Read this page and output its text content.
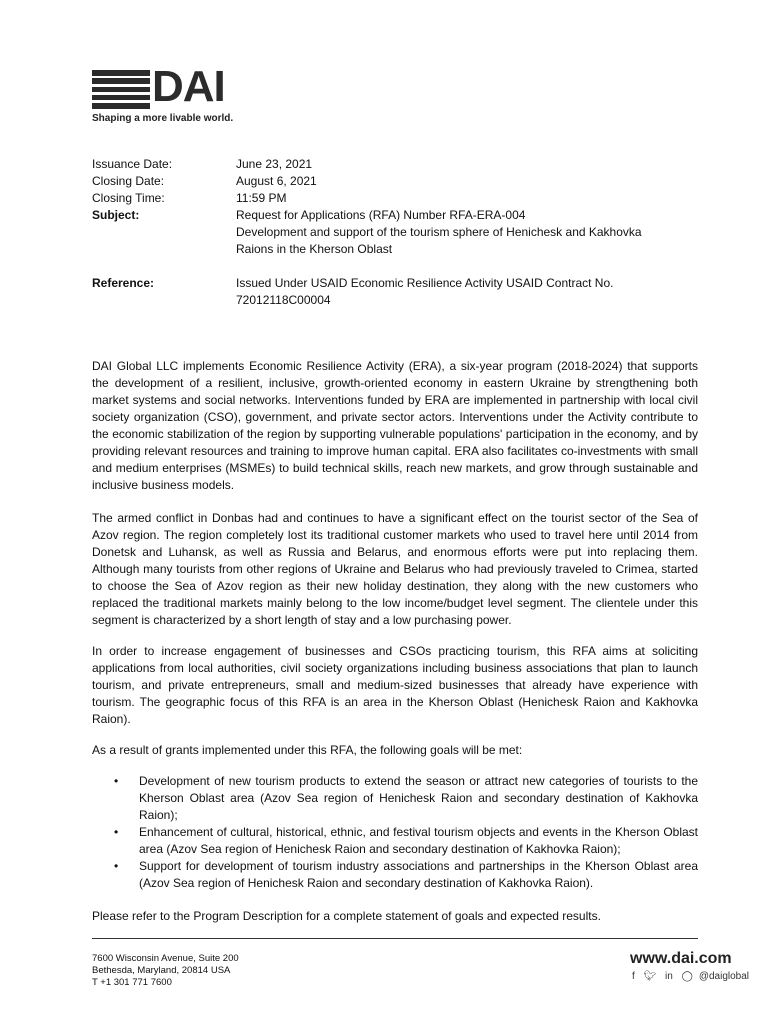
DAI
Shaping a more livable world.
Issuance Date:	June 23, 2021
Closing Date:	August 6, 2021
Closing Time:	11:59 PM
Subject:	Request for Applications (RFA) Number RFA-ERA-004
Development and support of the tourism sphere of Henichesk and Kakhovka
Raions in the Kherson Oblast
Reference:	Issued Under USAID Economic Resilience Activity USAID Contract No.
72012118C00004

DAI Global LLC implements Economic Resilience Activity (ERA), a six-year program (2018-2024) that supports the development of a resilient, inclusive, growth-oriented economy in eastern Ukraine by strengthening both market systems and social networks. Interventions funded by ERA are implemented in partnership with local civil society organization (CSO), government, and private sector actors. Interventions under the Activity contribute to the economic stabilization of the region by supporting vulnerable populations' participation in the economy, and by providing relevant resources and training to improve human capital. ERA also facilitates co-investments with small and medium enterprises (MSMEs) to build technical skills, reach new markets, and grow through sustainable and inclusive business models.

The armed conflict in Donbas had and continues to have a significant effect on the tourist sector of the Sea of Azov region. The region completely lost its traditional customer markets who used to travel here until 2014 from Donetsk and Luhansk, as well as Russia and Belarus, and enormous efforts were put into replacing them. Although many tourists from other regions of Ukraine and Belarus who had previously traveled to Crimea, started to choose the Sea of Azov region as their new holiday destination, they along with the new customers who replaced the traditional markets mainly belong to the low income/budget level segment. The clientele under this segment is characterized by a short length of stay and a low purchasing power.

In order to increase engagement of businesses and CSOs practicing tourism, this RFA aims at soliciting applications from local authorities, civil society organizations including business associations that plan to launch tourism, and private entrepreneurs, small and medium-sized businesses that already have experience with tourism. The geographic focus of this RFA is an area in the Kherson Oblast (Henichesk Raion and Kakhovka Raion).

As a result of grants implemented under this RFA, the following goals will be met:

• Development of new tourism products to extend the season or attract new categories of tourists to the Kherson Oblast area (Azov Sea region of Henichesk Raion and secondary destination of Kakhovka Raion);
• Enhancement of cultural, historical, ethnic, and festival tourism objects and events in the Kherson Oblast area (Azov Sea region of Henichesk Raion and secondary destination of Kakhovka Raion);
• Support for development of tourism industry associations and partnerships in the Kherson Oblast area (Azov Sea region of Henichesk Raion and secondary destination of Kakhovka Raion).

Please refer to the Program Description for a complete statement of goals and expected results.

7600 Wisconsin Avenue, Suite 200
Bethesda, Maryland, 20814 USA
T +1 301 771 7600
www.dai.com
f 🐦︎ in ◯ @daiglobal
